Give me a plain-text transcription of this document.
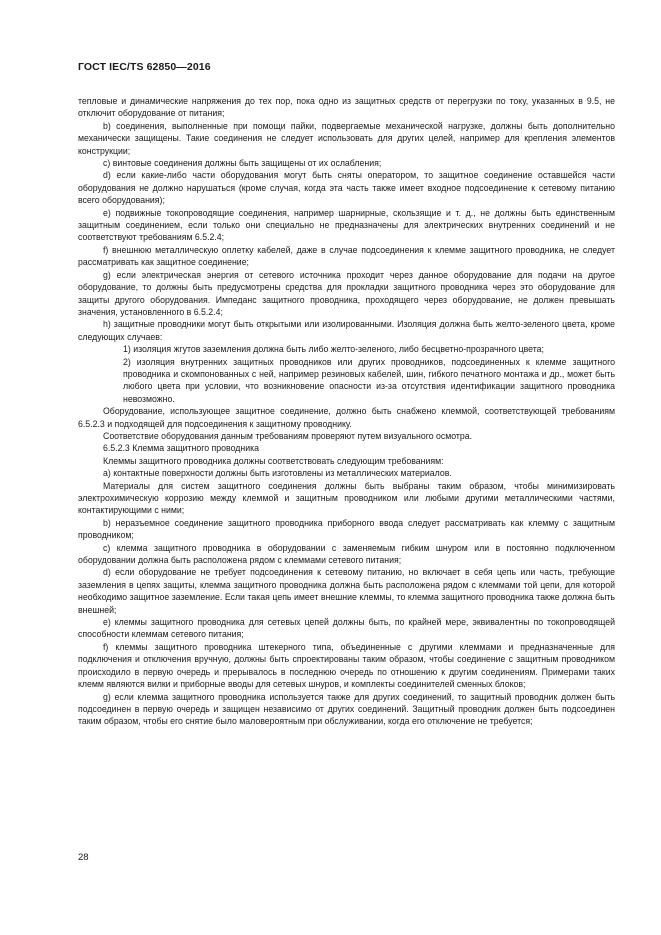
ГОСТ IEC/TS 62850—2016

тепловые и динамические напряжения до тех пор, пока одно из защитных средств от перегрузки по току, указанных в 9.5, не отключит оборудование от питания;

b) соединения, выполненные при помощи пайки, подвергаемые механической нагрузке, должны быть дополнительно механически защищены. Такие соединения не следует использовать для других целей, например для крепления элементов конструкции;

c) винтовые соединения должны быть защищены от их ослабления;

d) если какие-либо части оборудования могут быть сняты оператором, то защитное соединение оставшейся части оборудования не должно нарушаться (кроме случая, когда эта часть также имеет входное подсоединение к сетевому питанию всего оборудования);

e) подвижные токопроводящие соединения, например шарнирные, скользящие и т. д., не должны быть единственным защитным соединением, если только они специально не предназначены для электрических внутренних соединений и не соответствуют требованиям 6.5.2.4;

f) внешнюю металлическую оплетку кабелей, даже в случае подсоединения к клемме защитного проводника, не следует рассматривать как защитное соединение;

g) если электрическая энергия от сетевого источника проходит через данное оборудование для подачи на другое оборудование, то должны быть предусмотрены средства для прокладки защитного проводника через это оборудование для защиты другого оборудования. Импеданс защитного проводника, проходящего через оборудование, не должен превышать значения, установленного в 6.5.2.4;

h) защитные проводники могут быть открытыми или изолированными. Изоляция должна быть желто-зеленого цвета, кроме следующих случаев:

1) изоляция жгутов заземления должна быть либо желто-зеленого, либо бесцветно-прозрачного цвета;

2) изоляция внутренних защитных проводников или других проводников, подсоединенных к клемме защитного проводника и скомпонованных с ней, например резиновых кабелей, шин, гибкого печатного монтажа и др., может быть любого цвета при условии, что возникновение опасности из-за отсутствия идентификации защитного проводника невозможно.

Оборудование, использующее защитное соединение, должно быть снабжено клеммой, соответствующей требованиям 6.5.2.3 и подходящей для подсоединения к защитному проводнику.

Соответствие оборудования данным требованиям проверяют путем визуального осмотра.

6.5.2.3 Клемма защитного проводника

Клеммы защитного проводника должны соответствовать следующим требованиям:

a) контактные поверхности должны быть изготовлены из металлических материалов.

Материалы для систем защитного соединения должны быть выбраны таким образом, чтобы минимизировать электрохимическую коррозию между клеммой и защитным проводником или любыми другими металлическими частями, контактирующими с ними;

b) неразъемное соединение защитного проводника приборного ввода следует рассматривать как клемму с защитным проводником;

c) клемма защитного проводника в оборудовании с заменяемым гибким шнуром или в постоянно подключенном оборудовании должна быть расположена рядом с клеммами сетевого питания;

d) если оборудование не требует подсоединения к сетевому питанию, но включает в себя цепь или часть, требующие заземления в цепях защиты, клемма защитного проводника должна быть расположена рядом с клеммами той цепи, для которой необходимо защитное заземление. Если такая цепь имеет внешние клеммы, то клемма защитного проводника также должна быть внешней;

e) клеммы защитного проводника для сетевых цепей должны быть, по крайней мере, эквивалентны по токопроводящей способности клеммам сетевого питания;

f) клеммы защитного проводника штекерного типа, объединенные с другими клеммами и предназначенные для подключения и отключения вручную, должны быть спроектированы таким образом, чтобы соединение с защитным проводником происходило в первую очередь и прерывалось в последнюю очередь по отношению к другим соединениям. Примерами таких клемм являются вилки и приборные вводы для сетевых шнуров, и комплекты соединителей сменных блоков;

g) если клемма защитного проводника используется также для других соединений, то защитный проводник должен быть подсоединен в первую очередь и защищен независимо от других соединений. Защитный проводник должен быть подсоединен таким образом, чтобы его снятие было маловероятным при обслуживании, когда его отключение не требуется;

28
